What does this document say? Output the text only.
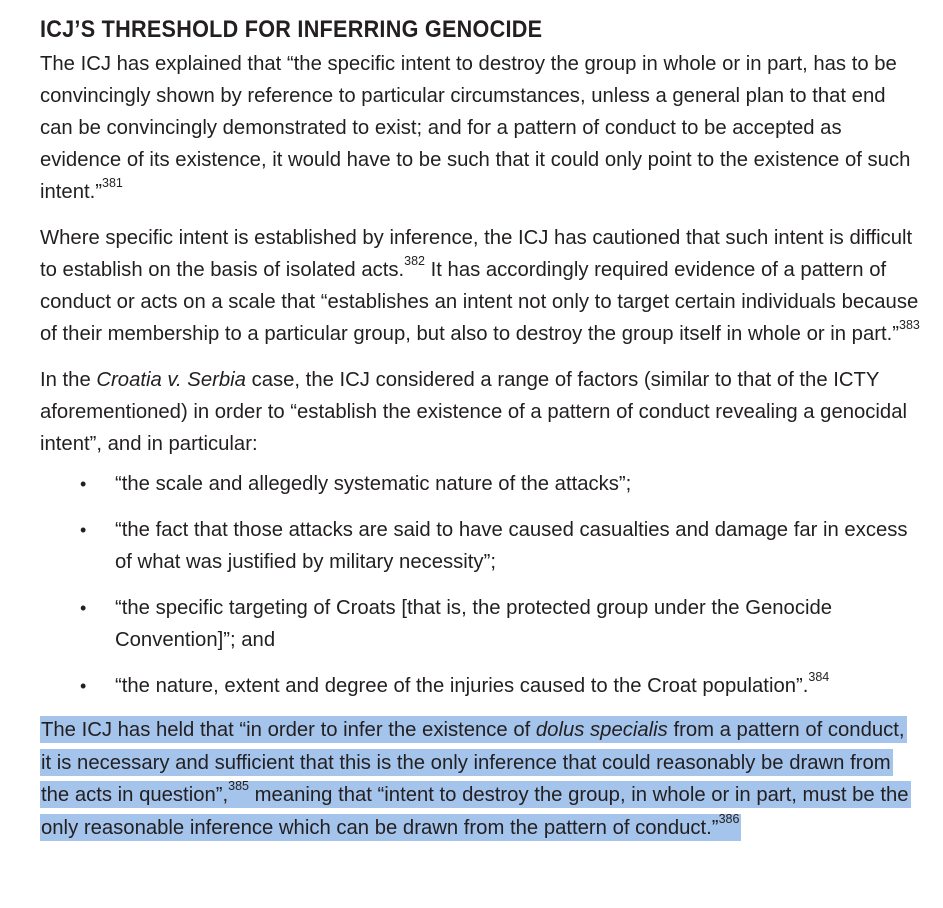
ICJ’S THRESHOLD FOR INFERRING GENOCIDE

The ICJ has explained that “the specific intent to destroy the group in whole or in part, has to be convincingly shown by reference to particular circumstances, unless a general plan to that end can be convincingly demonstrated to exist; and for a pattern of conduct to be accepted as evidence of its existence, it would have to be such that it could only point to the existence of such intent.”$^{381}$

Where specific intent is established by inference, the ICJ has cautioned that such intent is difficult to establish on the basis of isolated acts.$^{382}$ It has accordingly required evidence of a pattern of conduct or acts on a scale that “establishes an intent not only to target certain individuals because of their membership to a particular group, but also to destroy the group itself in whole or in part.”$^{383}$

In the Croatia v. Serbia case, the ICJ considered a range of factors (similar to that of the ICTY aforementioned) in order to “establish the existence of a pattern of conduct revealing a genocidal intent”, and in particular:

• “the scale and allegedly systematic nature of the attacks”;
• “the fact that those attacks are said to have caused casualties and damage far in excess of what was justified by military necessity”;
• “the specific targeting of Croats [that is, the protected group under the Genocide Convention]”; and
• “the nature, extent and degree of the injuries caused to the Croat population”.$^{384}$

The ICJ has held that “in order to infer the existence of dolus specialis from a pattern of conduct, it is necessary and sufficient that this is the only inference that could reasonably be drawn from the acts in question”,$^{385}$ meaning that “intent to destroy the group, in whole or in part, must be the only reasonable inference which can be drawn from the pattern of conduct.”$^{386}$
